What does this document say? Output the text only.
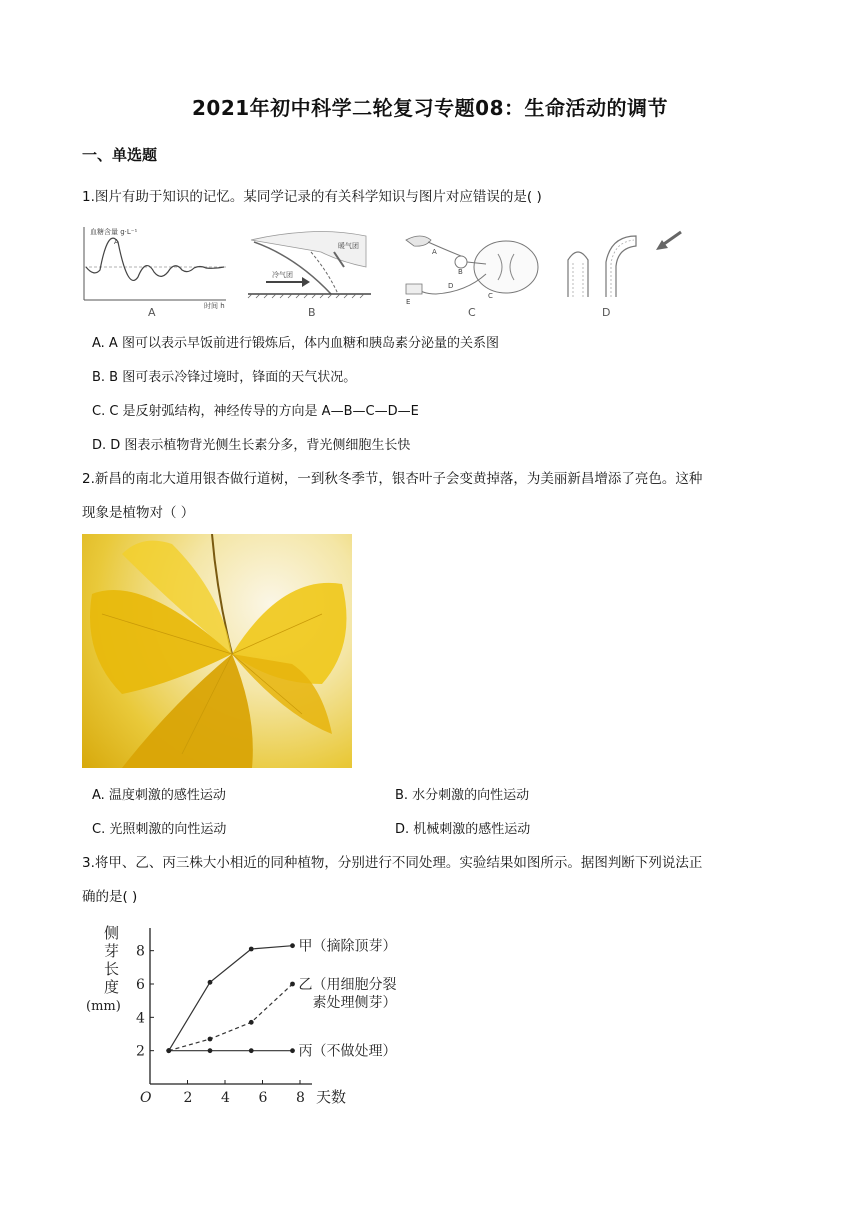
2021年初中科学二轮复习专题08：生命活动的调节
一、单选题
1.图片有助于知识的记忆。某同学记录的有关科学知识与图片对应错误的是( )
血糖含量 g·L⁻¹
时间 h
A
A
暖气团
冷气团
B
A
B
C
D
E
C	D
A. A 图可以表示早饭前进行锻炼后，体内血糖和胰岛素分泌量的关系图
B. B 图可表示冷锋过境时，锋面的天气状况。
C. C 是反射弧结构，神经传导的方向是 A—B—C—D—E
D. D 图表示植物背光侧生长素分多，背光侧细胞生长快
2.新昌的南北大道用银杏做行道树，一到秋冬季节，银杏叶子会变黄掉落，为美丽新昌增添了亮色。这种
现象是植物对（ ）
A. 温度刺激的感性运动	B. 水分刺激的向性运动
C. 光照刺激的向性运动	D. 机械刺激的感性运动
3.将甲、乙、丙三株大小相近的同种植物，分别进行不同处理。实验结果如图所示。据图判断下列说法正
确的是( )
侧
芽
长
度
(mm)
2
4
6
8
2 4 6 8
O	天数
甲（摘除顶芽）
乙（用细胞分裂
素处理侧芽）
丙（不做处理）
